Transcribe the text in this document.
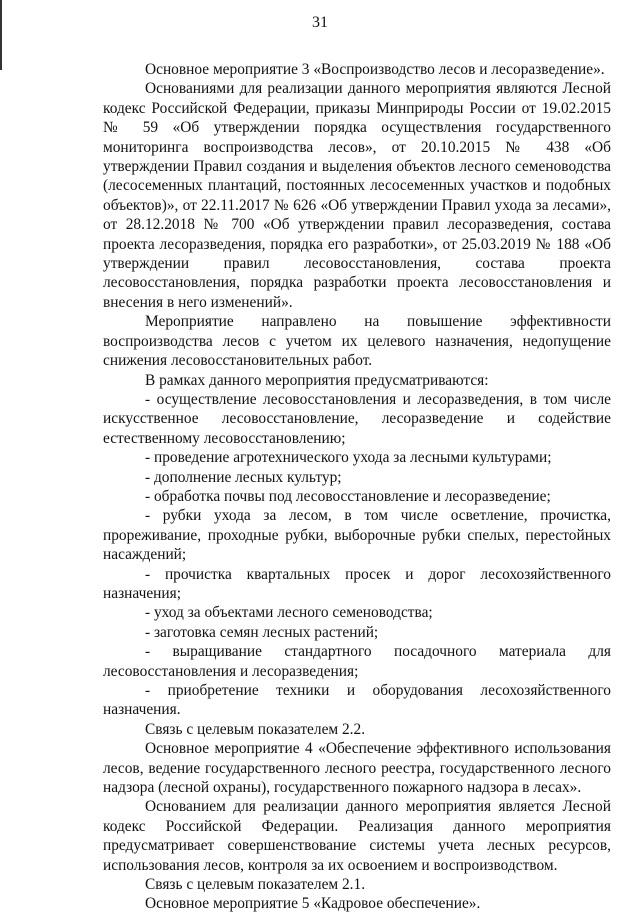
31

Основное мероприятие 3 «Воспроизводство лесов и лесоразведение».

Основаниями для реализации данного мероприятия являются Лесной кодекс Российской Федерации, приказы Минприроды России от 19.02.2015 № 59 «Об утверждении порядка осуществления государственного мониторинга воспроизводства лесов», от 20.10.2015 № 438 «Об утверждении Правил создания и выделения объектов лесного семеноводства (лесосеменных плантаций, постоянных лесосеменных участков и подобных объектов)», от 22.11.2017 № 626 «Об утверждении Правил ухода за лесами», от 28.12.2018 № 700 «Об утверждении правил лесоразведения, состава проекта лесоразведения, порядка его разработки», от 25.03.2019 № 188 «Об утверждении правил лесовосстановления, состава проекта лесовосстановления, порядка разработки проекта лесовосстановления и внесения в него изменений».

Мероприятие направлено на повышение эффективности воспроизводства лесов с учетом их целевого назначения, недопущение снижения лесовосстановительных работ.

В рамках данного мероприятия предусматриваются:

- осуществление лесовосстановления и лесоразведения, в том числе искусственное лесовосстановление, лесоразведение и содействие естественному лесовосстановлению;

- проведение агротехнического ухода за лесными культурами;

- дополнение лесных культур;

- обработка почвы под лесовосстановление и лесоразведение;

- рубки ухода за лесом, в том числе осветление, прочистка, прореживание, проходные рубки, выборочные рубки спелых, перестойных насаждений;

- прочистка квартальных просек и дорог лесохозяйственного назначения;

- уход за объектами лесного семеноводства;

- заготовка семян лесных растений;

- выращивание стандартного посадочного материала для лесовосстановления и лесоразведения;

- приобретение техники и оборудования лесохозяйственного назначения.

Связь с целевым показателем 2.2.

Основное мероприятие 4 «Обеспечение эффективного использования лесов, ведение государственного лесного реестра, государственного лесного надзора (лесной охраны), государственного пожарного надзора в лесах».

Основанием для реализации данного мероприятия является Лесной кодекс Российской Федерации. Реализация данного мероприятия предусматривает совершенствование системы учета лесных ресурсов, использования лесов, контроля за их освоением и воспроизводством.

Связь с целевым показателем 2.1.

Основное мероприятие 5 «Кадровое обеспечение».
